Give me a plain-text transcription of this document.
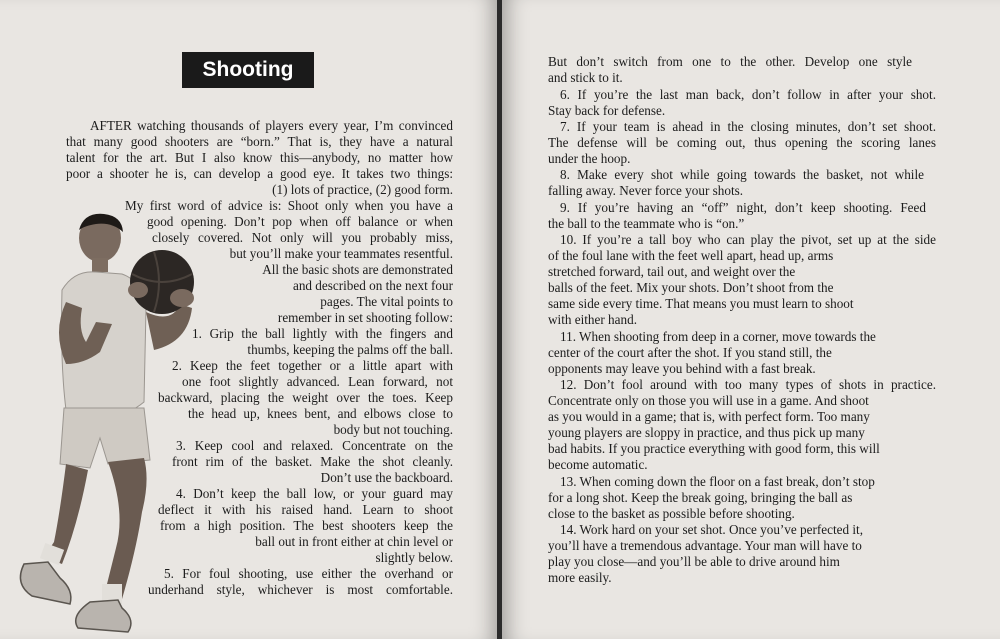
Shooting
AFTER watching thousands of players every year, I’m convinced
that many good shooters are “born.” That is, they have a natural
talent for the art. But I also know this—anybody, no matter how
poor a shooter he is, can develop a good eye. It takes two things:
(1) lots of practice, (2) good form.
My first word of advice is: Shoot only when you have a
good opening. Don’t pop when off balance or when
closely covered. Not only will you probably miss,
but you’ll make your teammates resentful.
All the basic shots are demonstrated
and described on the next four
pages. The vital points to
remember in set shooting follow:
1. Grip the ball lightly with the fingers and
thumbs, keeping the palms off the ball.
2. Keep the feet together or a little apart with
one foot slightly advanced. Lean forward, not
backward, placing the weight over the toes. Keep
the head up, knees bent, and elbows close to
body but not touching.
3. Keep cool and relaxed. Concentrate on the
front rim of the basket. Make the shot cleanly.
Don’t use the backboard.
4. Don’t keep the ball low, or your guard may
deflect it with his raised hand. Learn to shoot
from a high position. The best shooters keep the
ball out in front either at chin level or
slightly below.
5. For foul shooting, use either the overhand or
underhand style, whichever is most comfortable.
But don’t switch from one to the other. Develop one style
and stick to it.
6. If you’re the last man back, don’t follow in after your shot.
Stay back for defense.
7. If your team is ahead in the closing minutes, don’t set shoot.
The defense will be coming out, thus opening the scoring lanes
under the hoop.
8. Make every shot while going towards the basket, not while
falling away. Never force your shots.
9. If you’re having an “off” night, don’t keep shooting. Feed
the ball to the teammate who is “on.”
10. If you’re a tall boy who can play the pivot, set up at the side
of the foul lane with the feet well apart, head up, arms
stretched forward, tail out, and weight over the
balls of the feet. Mix your shots. Don’t shoot from the
same side every time. That means you must learn to shoot
with either hand.
11. When shooting from deep in a corner, move towards the
center of the court after the shot. If you stand still, the
opponents may leave you behind with a fast break.
12. Don’t fool around with too many types of shots in practice.
Concentrate only on those you will use in a game. And shoot
as you would in a game; that is, with perfect form. Too many
young players are sloppy in practice, and thus pick up many
bad habits. If you practice everything with good form, this will
become automatic.
13. When coming down the floor on a fast break, don’t stop
for a long shot. Keep the break going, bringing the ball as
close to the basket as possible before shooting.
14. Work hard on your set shot. Once you’ve perfected it,
you’ll have a tremendous advantage. Your man will have to
play you close—and you’ll be able to drive around him
more easily.
